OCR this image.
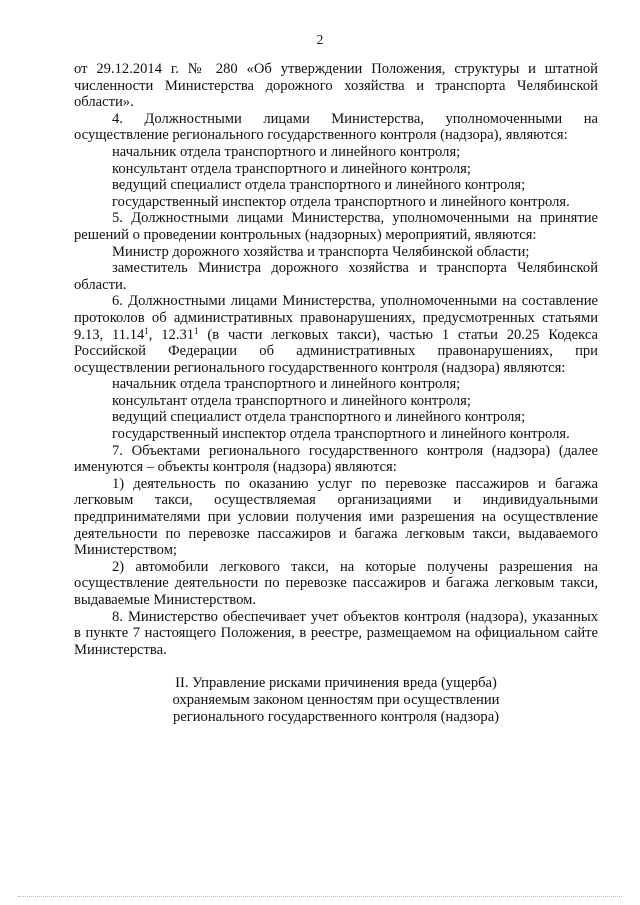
2

от 29.12.2014 г. № 280 «Об утверждении Положения, структуры и штатной численности Министерства дорожного хозяйства и транспорта Челябинской области».

4. Должностными лицами Министерства, уполномоченными на осуществление регионального государственного контроля (надзора), являются:

начальник отдела транспортного и линейного контроля;

консультант отдела транспортного и линейного контроля;

ведущий специалист отдела транспортного и линейного контроля;

государственный инспектор отдела транспортного и линейного контроля.

5. Должностными лицами Министерства, уполномоченными на принятие решений о проведении контрольных (надзорных) мероприятий, являются:

Министр дорожного хозяйства и транспорта Челябинской области;

заместитель Министра дорожного хозяйства и транспорта Челябинской области.

6. Должностными лицами Министерства, уполномоченными на составление протоколов об административных правонарушениях, предусмотренных статьями 9.13, 11.14$^1$, 12.31$^1$ (в части легковых такси), частью 1 статьи 20.25 Кодекса Российской Федерации об административных правонарушениях, при осуществлении регионального государственного контроля (надзора) являются:

начальник отдела транспортного и линейного контроля;

консультант отдела транспортного и линейного контроля;

ведущий специалист отдела транспортного и линейного контроля;

государственный инспектор отдела транспортного и линейного контроля.

7. Объектами регионального государственного контроля (надзора) (далее именуются – объекты контроля (надзора) являются:

1) деятельность по оказанию услуг по перевозке пассажиров и багажа легковым такси, осуществляемая организациями и индивидуальными предпринимателями при условии получения ими разрешения на осуществление деятельности по перевозке пассажиров и багажа легковым такси, выдаваемого Министерством;

2) автомобили легкового такси, на которые получены разрешения на осуществление деятельности по перевозке пассажиров и багажа легковым такси, выдаваемые Министерством.

8. Министерство обеспечивает учет объектов контроля (надзора), указанных в пункте 7 настоящего Положения, в реестре, размещаемом на официальном сайте Министерства.

II. Управление рисками причинения вреда (ущерба)
охраняемым законом ценностям при осуществлении
регионального государственного контроля (надзора)
